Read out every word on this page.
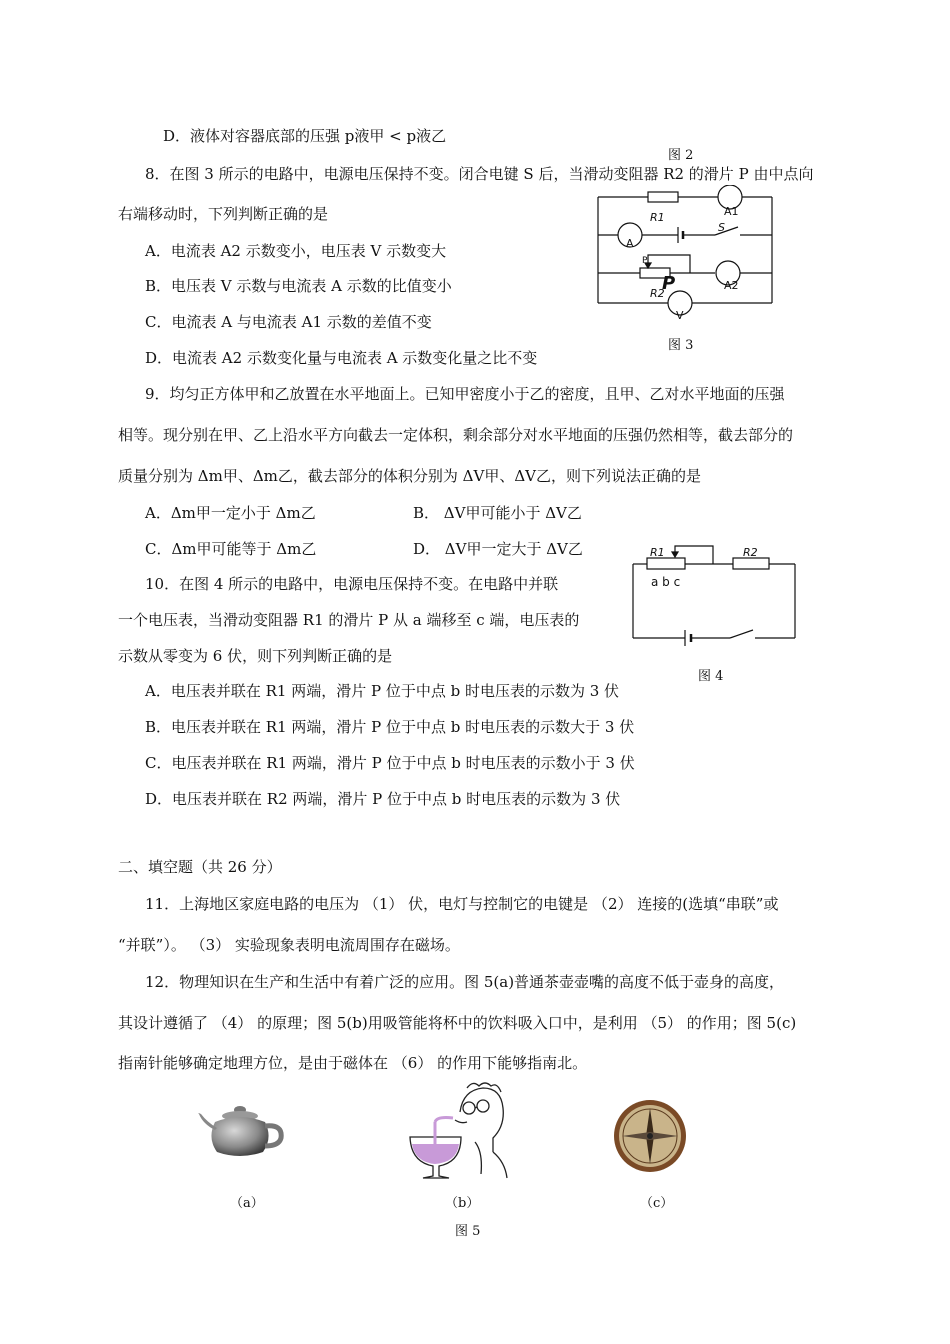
D．液体对容器底部的压强 p液甲 < p液乙
图 2
8．在图 3 所示的电路中，电源电压保持不变。闭合电键 S 后，当滑动变阻器 R2 的滑片 P 由中点向
右端移动时，下列判断正确的是
A．电流表 A2 示数变小，电压表 V 示数变大
B．电压表 V 示数与电流表 A 示数的比值变小
C．电流表 A 与电流表 A1 示数的差值不变
D．电流表 A2 示数变化量与电流表 A 示数变化量之比不变
图 3
9．均匀正方体甲和乙放置在水平地面上。已知甲密度小于乙的密度，且甲、乙对水平地面的压强
相等。现分别在甲、乙上沿水平方向截去一定体积，剩余部分对水平地面的压强仍然相等，截去部分的
质量分别为 Δm甲、Δm乙，截去部分的体积分别为 ΔV甲、ΔV乙，则下列说法正确的是
A．Δm甲一定小于 Δm乙	B． ΔV甲可能小于 ΔV乙
C．Δm甲可能等于 Δm乙	D． ΔV甲一定大于 ΔV乙
10．在图 4 所示的电路中，电源电压保持不变。在电路中并联
一个电压表，当滑动变阻器 R1 的滑片 P 从 a 端移至 c 端，电压表的
示数从零变为 6 伏，则下列判断正确的是
图 4
A．电压表并联在 R1 两端，滑片 P 位于中点 b 时电压表的示数为 3 伏
B．电压表并联在 R1 两端，滑片 P 位于中点 b 时电压表的示数大于 3 伏
C．电压表并联在 R1 两端，滑片 P 位于中点 b 时电压表的示数小于 3 伏
D．电压表并联在 R2 两端，滑片 P 位于中点 b 时电压表的示数为 3 伏
二、填空题（共 26 分）
11．上海地区家庭电路的电压为 （1） 伏，电灯与控制它的电键是 （2） 连接的(选填“串联”或
“并联”）。 （3） 实验现象表明电流周围存在磁场。
12．物理知识在生产和生活中有着广泛的应用。图 5(a)普通茶壶壶嘴的高度不低于壶身的高度，
其设计遵循了 （4） 的原理；图 5(b)用吸管能将杯中的饮料吸入口中，是利用 （5） 的作用；图 5(c)
指南针能够确定地理方位，是由于磁体在 （6） 的作用下能够指南北。
A1
R1
A
S
P
P	A2
R2
V
R1	R2
a b c
（a）	（b）	（c）
图 5
